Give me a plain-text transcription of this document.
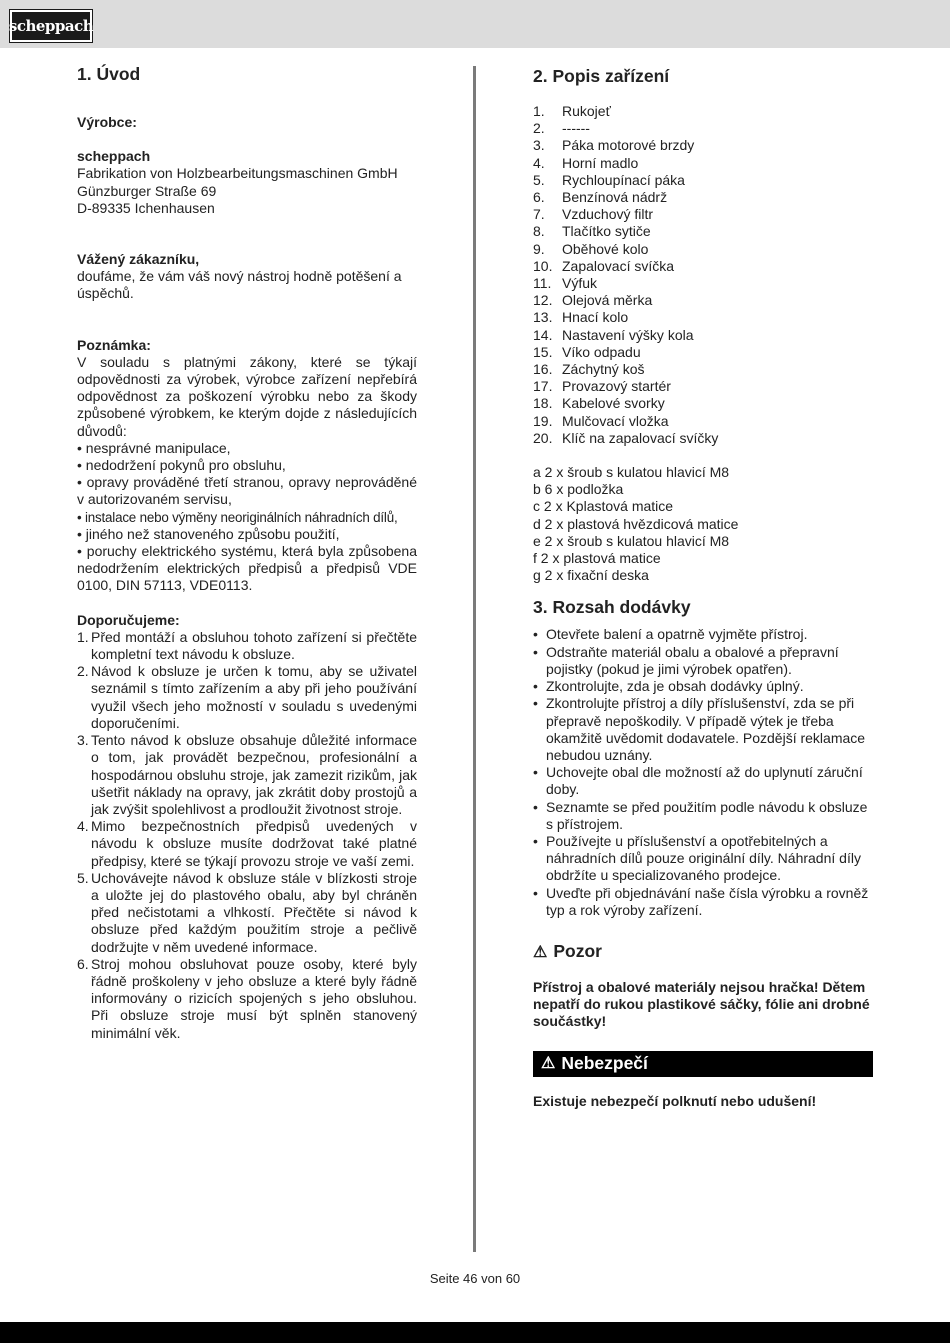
scheppach
1. Úvod

Výrobce:

scheppach

Fabrikation von Holzbearbeitungsmaschinen GmbH

Günzburger Straße 69

D-89335 Ichenhausen

Vážený zákazníku,

doufáme, že vám váš nový nástroj hodně potěšení a úspěchů.

Poznámka:

V souladu s platnými zákony, které se týkají odpovědnosti za výrobek, výrobce zařízení nepřebírá odpovědnost za poškození výrobku nebo za škody způsobené výrobkem, ke kterým dojde z následujících důvodů:

• nesprávné manipulace,

• nedodržení pokynů pro obsluhu,

• opravy prováděné třetí stranou, opravy neprováděné v autorizovaném servisu,

• instalace nebo výměny neoriginálních náhradních dílů,

• jiného než stanoveného způsobu použití,

• poruchy elektrického systému, která byla způsobena nedodržením elektrických předpisů a předpisů VDE 0100, DIN 57113, VDE0113.

Doporučujeme:

1. Před montáží a obsluhou tohoto zařízení si přečtěte kompletní text návodu k obsluze.
2. Návod k obsluze je určen k tomu, aby se uživatel seznámil s tímto zařízením a aby při jeho používání využil všech jeho možností v souladu s uvedenými doporučeními.
3. Tento návod k obsluze obsahuje důležité informace o tom, jak provádět bezpečnou, profesionální a hospodárnou obsluhu stroje, jak zamezit rizikům, jak ušetřit náklady na opravy, jak zkrátit doby prostojů a jak zvýšit spolehlivost a prodloužit životnost stroje.
4. Mimo bezpečnostních předpisů uvedených v návodu k obsluze musíte dodržovat také platné předpisy, které se týkají provozu stroje ve vaší zemi.
5. Uchovávejte návod k obsluze stále v blízkosti stroje a uložte jej do plastového obalu, aby byl chráněn před nečistotami a vlhkostí. Přečtěte si návod k obsluze před každým použitím stroje a pečlivě dodržujte v něm uvedené informace.
6. Stroj mohou obsluhovat pouze osoby, které byly řádně proškoleny v jeho obsluze a které byly řádně informovány o rizicích spojených s jeho obsluhou. Při obsluze stroje musí být splněn stanovený minimální věk.
2. Popis zařízení
1.	Rukojeť
2.	------
3.	Páka motorové brzdy
4.	Horní madlo
5.	Rychloupínací páka
6.	Benzínová nádrž
7.	Vzduchový filtr
8.	Tlačítko sytiče
9.	Oběhové kolo
10. Zapalovací svíčka
11. Výfuk
12. Olejová měrka
13. Hnací kolo
14. Nastavení výšky kola
15. Víko odpadu
16. Záchytný koš
17. Provazový startér
18. Kabelové svorky
19. Mulčovací vložka
20. Klíč na zapalovací svíčky

a 2 x šroub s kulatou hlavicí M8

b 6 x podložka

c 2 x Kplastová matice

d 2 x plastová hvězdicová matice

e 2 x šroub s kulatou hlavicí M8

f 2 x plastová matice

g 2 x fixační deska

3. Rozsah dodávky
• Otevřete balení a opatrně vyjměte přístroj.
• Odstraňte materiál obalu a obalové a přepravní pojistky (pokud je jimi výrobek opatřen).
• Zkontrolujte, zda je obsah dodávky úplný.
• Zkontrolujte přístroj a díly příslušenství, zda se při přepravě nepoškodily. V případě výtek je třeba okamžitě uvědomit dodavatele. Pozdější reklamace nebudou uznány.
• Uchovejte obal dle možností až do uplynutí záruční doby.
• Seznamte se před použitím podle návodu k obsluze s přístrojem.
• Používejte u příslušenství a opotřebitelných a náhradních dílů pouze originální díly. Náhradní díly obdržíte u specializovaného prodejce.
• Uveďte při objednávání naše čísla výrobku a rovněž typ a rok výroby zařízení.
⚠ Pozor

Přístroj a obalové materiály nejsou hračka! Dětem nepatří do rukou plastikové sáčky, fólie ani drobné součástky!

⚠ Nebezpečí

Existuje nebezpečí polknutí nebo udušení!

Seite 46 von 60
